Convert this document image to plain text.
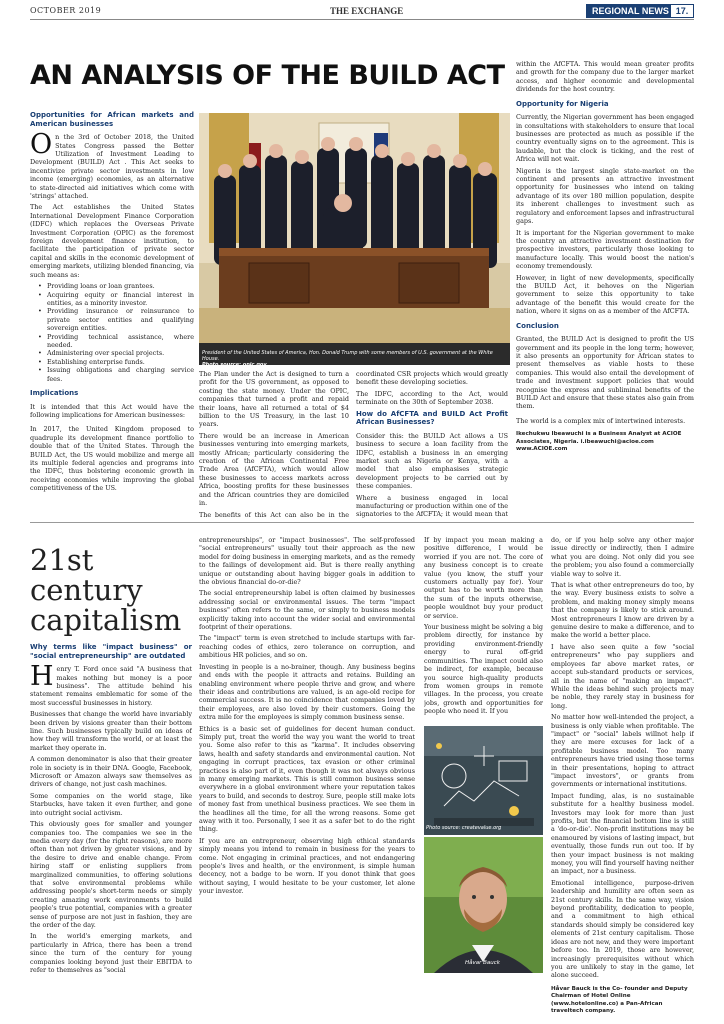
OCTOBER 2019	THE EXCHANGE	REGIONAL NEWS 17.
AN ANALYSIS OF THE BUILD ACT
Opportunities for African markets and American businesses

On the 3rd of October 2018, the United States Congress passed the Better Utilization of Investment Leading to Development (BUILD) Act . This Act seeks to incentivize private sector investments in low income (emerging) economies, as an alternative to state-directed aid initiatives which come with 'strings' attached.

The Act establishes the United States International Development Finance Corporation (IDFC) which replaces the Overseas Private Investment Corporation (OPIC) as the foremost foreign development finance institution, to facilitate the participation of private sector capital and skills in the economic development of emerging markets, utilizing blended financing, via such means as:

• Providing loans or loan grantees.
• Acquiring equity or financial interest in entities, as a minority investor.
• Providing insurance or reinsurance to private sector entities and qualifying sovereign entities.
• Providing technical assistance, where needed.
• Administering over special projects.
• Establishing enterprise funds.
• Issuing obligations and charging service fees.
Implications

It is intended that this Act would have the following implications for American businesses:

In 2017, the United Kingdom proposed to quadruple its development finance portfolio to double that of the United States. Through the BUILD Act, the US would mobilize and merge all its multiple federal agencies and programs into the IDFC, thus bolstering economic growth in receiving economies while improving the global competitiveness of the US.

President of the United States of America, Hon. Donald Trump with some members of U.S. government at the White House.
Photo source: opic.gov

The Plan under the Act is designed to turn a profit for the US government, as opposed to costing the state money. Under the OPIC, companies that turned a profit and repaid their loans, have all returned a total of $4 billion to the US Treasury, in the last 10 years.

There would be an increase in American businesses venturing into emerging markets, mostly African; particularly considering the creation of the African Continental Free Trade Area (AfCFTA), which would allow these businesses to access markets across Africa, boosting profits for these businesses and the African countries they are domiciled in.

The benefits of this Act can also be in the

coordinated CSR projects which would greatly benefit these developing societies.

The IDFC, according to the Act, would terminate on the 30th of September 2038.

How do AfCFTA and BUILD Act Profit African Businesses?

Consider this: the BUILD Act allows a US business to secure a loan facility from the IDFC, establish a business in an emerging market such as Nigeria or Kenya, with a model that also emphasises strategic development projects to be carried out by these companies.

Where a business engaged in local manufacturing or production within one of the signatories to the AfCFTA; it would mean that

within the AfCFTA. This would mean greater profits and growth for the company due to the larger market access, and higher economic and developmental dividends for the host country.

Opportunity for Nigeria

Currently, the Nigerian government has been engaged in consultations with stakeholders to ensure that local businesses are protected as much as possible if the country eventually signs on to the agreement. This is laudable, but the clock is ticking, and the rest of Africa will not wait.

Nigeria is the largest single state-market on the continent and presents an attractive investment opportunity for businesses who intend on taking advantage of its over 180 million population, despite its inherent challenges to investment such as regulatory and enforcement lapses and infrastructural gaps.

It is important for the Nigerian government to make the country an attractive investment destination for prospective investors, particularly those looking to manufacture locally. This would boost the nation's economy tremendously.

However, in light of new developments, specifically the BUILD Act, it behoves on the Nigerian government to seize this opportunity to take advantage of the benefit this would create for the nation, where it signs on as a member of the AfCFTA.

Conclusion

Granted, the BUILD Act is designed to profit the US government and its people in the long term; however, it also presents an opportunity for African states to present themselves as viable hosts to these companies. This would also entail the development of trade and investment support policies that would recognise the express and subliminal benefits of the BUILD Act and ensure that these states also gain from them.

The world is a complex mix of intertwined interests.

Ikechukwu Ibeawuchi is a Business Analyst at ACIOE Associates, Nigeria. i.ibeawuchi@acioe.com www.ACIOE.com

21st
century
capitalism
Why terms like "impact business" or "social entrepreneurship" are outdated

Henry T. Ford once said "A business that makes nothing but money is a poor business". The attitude behind his statement remains emblematic for some of the most successful businesses in history.

Businesses that change the world have invariably been driven by visions greater than their bottom line. Such businesses typically build on ideas of how they will transform the world, or at least the market they operate in.

A common denominator is also that their greater role in society is in their DNA. Google, Facebook, Microsoft or Amazon always saw themselves as drivers of change, not just cash machines.

Some companies on the world stage, like Starbucks, have taken it even further, and gone into outright social activism.

This obviously goes for smaller and younger companies too. The companies we see in the media every day (for the right reasons), are more often than not driven by greater visions, and by the desire to drive and enable change. From hiring staff or enlisting suppliers from marginalized communities, to offering solutions that solve environmental problems while addressing people's short-term needs or simply creating amazing work environments to build people's true potential, companies with a greater sense of purpose are not just in fashion, they are the order of the day.

In the world's emerging markets, and particularly in Africa, there has been a trend since the turn of the century for young companies looking beyond just their EBITDA to refer to themselves as "social

entrepreneurships", or "impact businesses". The self-professed "social entrepreneurs" usually tout their approach as the new model for doing business in emerging markets, and as the remedy to the failings of development aid. But is there really anything unique or outstanding about having bigger goals in addition to the obvious financial do-or-die?

The social entrepreneurship label is often claimed by businesses addressing social or environmental issues. The term "impact business" often refers to the same, or simply to business models explicitly taking into account the wider social and environmental footprint of their operations.

The "impact" term is even stretched to include startups with far-reaching codes of ethics, zero tolerance on corruption, and ambitious HR policies, and so on.

Investing in people is a no-brainer, though. Any business begins and ends with the people it attracts and retains. Building an enabling environment where people thrive and grow, and where their ideas and contributions are valued, is an age-old recipe for commercial success. It is no coincidence that companies loved by their employees, are also loved by their customers. Going the extra mile for the employees is simply common business sense.

Ethics is a basic set of guidelines for decent human conduct. Simply put, treat the world the way you want the world to treat you. Some also refer to this as "karma". It includes observing laws, health and safety standards and environmental caution. Not engaging in corrupt practices, tax evasion or other criminal practices is also part of it, even though it was not always obvious in many emerging markets. This is still common business sense everywhere in a global environment where your reputation takes years to build, and seconds to destroy. Sure, people still make lots of money fast from unethical business practices. We see them in the headlines all the time, for all the wrong reasons. Some get away with it too. Personally, I see it as a safer bet to do the right thing.

If you are an entrepreneur, observing high ethical standards simply means you intend to remain in business for the years to come. Not engaging in criminal practices, and not endangering people's lives and health, or the environment, is simple human decency, not a badge to be worn. If you donot think that goes without saying, I would hesitate to be your customer, let alone your investor.

If by impact you mean making a positive difference, I would be worried if you are not. The core of any business concept is to create value (you know, the stuff your customers actually pay for). Your output has to be worth more than the sum of the inputs otherwise, people wouldnot buy your product or service.

Your business might be solving a big problem directly, for instance by providing environment-friendly energy to rural off-grid communities. The impact could also be indirect, for example, because you source high-quality products from women groups in remote villages. In the process, you create jobs, growth and opportunities for people who need it. If you

Photo source: createvalue.org
Håvar Bauck

do, or if you help solve any other major issue directly or indirectly, then I admire what you are doing. Not only did you see the problem; you also found a commercially viable way to solve it.

That is what other entrepreneurs do too, by the way. Every business exists to solve a problem, and making money simply means that the company is likely to stick around. Most entrepreneurs I know are driven by a genuine desire to make a difference, and to make the world a better place.

I have also seen quite a few "social entrepreneurs" who pay suppliers and employees far above market rates, or accept sub-standard products or services, all in the name of "making an impact". While the ideas behind such projects may be noble, they rarely stay in business for long.

No matter how well-intended the project, a business is only viable when profitable. The "impact" or "social" labels willnot help if they are mere excuses for lack of a profitable business model. Too many entrepreneurs have tried using those terms in their presentations, hoping to attract "impact investors", or grants from governments or international institutions.

Impact funding, alas, is no sustainable substitute for a healthy business model. Investors may look for more than just profits, but the financial bottom line is still a 'do-or-die'. Non-profit institutions may be enamoured by visions of lasting impact, but eventually, those funds run out too. If by then your impact business is not making money, you will find yourself having neither an impact, nor a business.

Emotional intelligence, purpose-driven leadership and humility are often seen as 21st century skills. In the same way, vision beyond profitability, dedication to people, and a commitment to high ethical standards should simply be considered key elements of 21st century capitalism. Those ideas are not new, and they were important before too. In 2019, those are however, increasingly prerequisites without which you are unlikely to stay in the game, let alone succeed.

Håvar Bauck is the Co- founder and Deputy Chairman of Hotel Online (www.hotelonline.co) a Pan-African traveltech company.
